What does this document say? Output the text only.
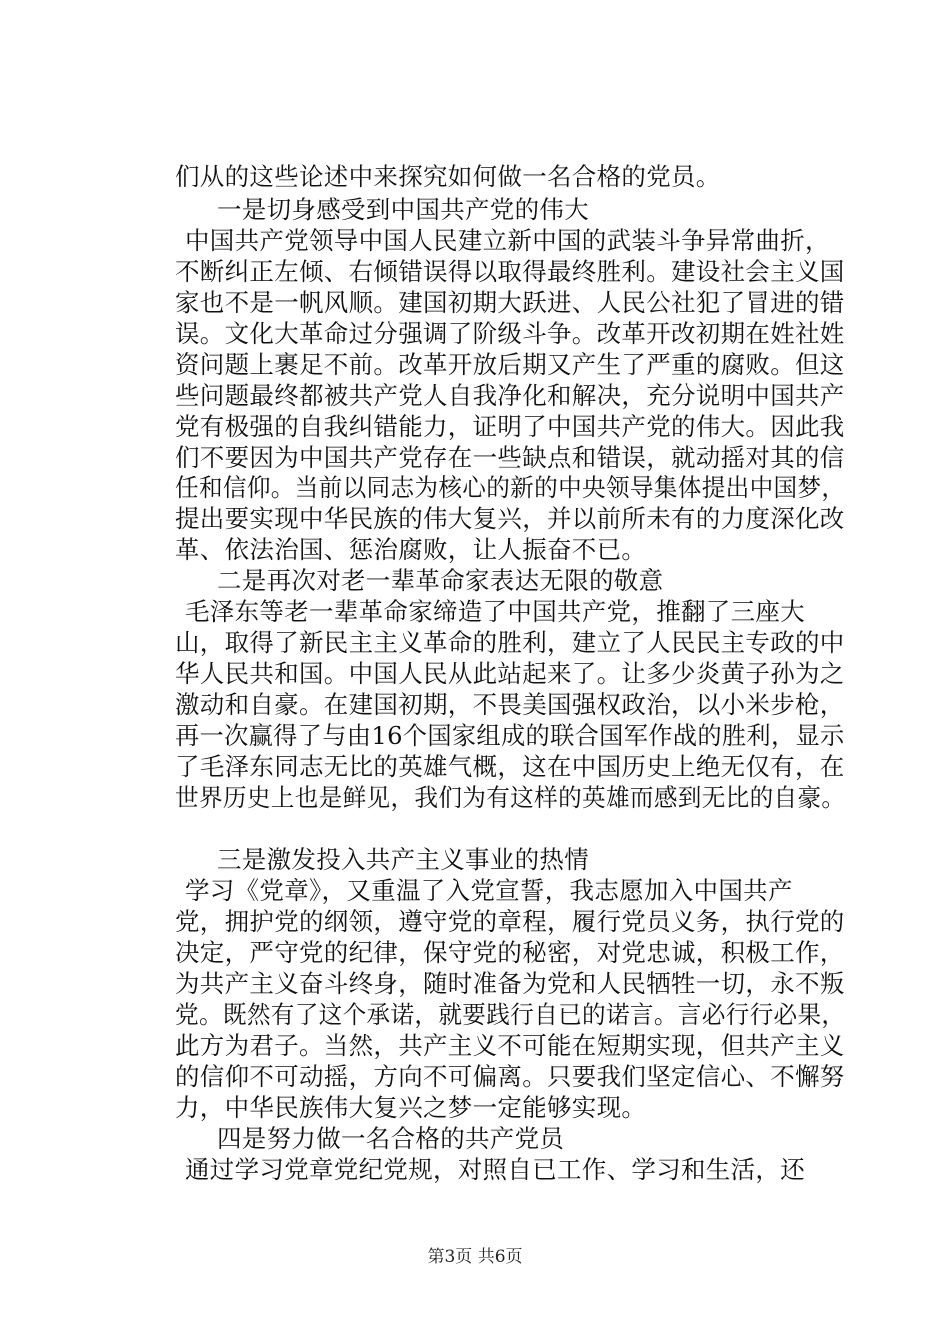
们从的这些论述中来探究如何做一名合格的党员。
一是切身感受到中国共产党的伟大
中国共产党领导中国人民建立新中国的武装斗争异常曲折，
不断纠正左倾、右倾错误得以取得最终胜利。建设社会主义国
家也不是一帆风顺。建国初期大跃进、人民公社犯了冒进的错
误。文化大革命过分强调了阶级斗争。改革开改初期在姓社姓
资问题上裹足不前。改革开放后期又产生了严重的腐败。但这
些问题最终都被共产党人自我净化和解决，充分说明中国共产
党有极强的自我纠错能力，证明了中国共产党的伟大。因此我
们不要因为中国共产党存在一些缺点和错误，就动摇对其的信
任和信仰。当前以同志为核心的新的中央领导集体提出中国梦，
提出要实现中华民族的伟大复兴，并以前所未有的力度深化改
革、依法治国、惩治腐败，让人振奋不已。
二是再次对老一辈革命家表达无限的敬意
毛泽东等老一辈革命家缔造了中国共产党，推翻了三座大
山，取得了新民主主义革命的胜利，建立了人民民主专政的中
华人民共和国。中国人民从此站起来了。让多少炎黄子孙为之
激动和自豪。在建国初期，不畏美国强权政治，以小米步枪，
再一次赢得了与由16个国家组成的联合国军作战的胜利，显示
了毛泽东同志无比的英雄气概，这在中国历史上绝无仅有，在
世界历史上也是鲜见，我们为有这样的英雄而感到无比的自豪。
三是激发投入共产主义事业的热情
学习《党章》，又重温了入党宣誓，我志愿加入中国共产
党，拥护党的纲领，遵守党的章程，履行党员义务，执行党的
决定，严守党的纪律，保守党的秘密，对党忠诚，积极工作，
为共产主义奋斗终身，随时准备为党和人民牺牲一切，永不叛
党。既然有了这个承诺，就要践行自已的诺言。言必行行必果，
此方为君子。当然，共产主义不可能在短期实现，但共产主义
的信仰不可动摇，方向不可偏离。只要我们坚定信心、不懈努
力，中华民族伟大复兴之梦一定能够实现。
四是努力做一名合格的共产党员
通过学习党章党纪党规，对照自已工作、学习和生活，还
第3页 共6页
